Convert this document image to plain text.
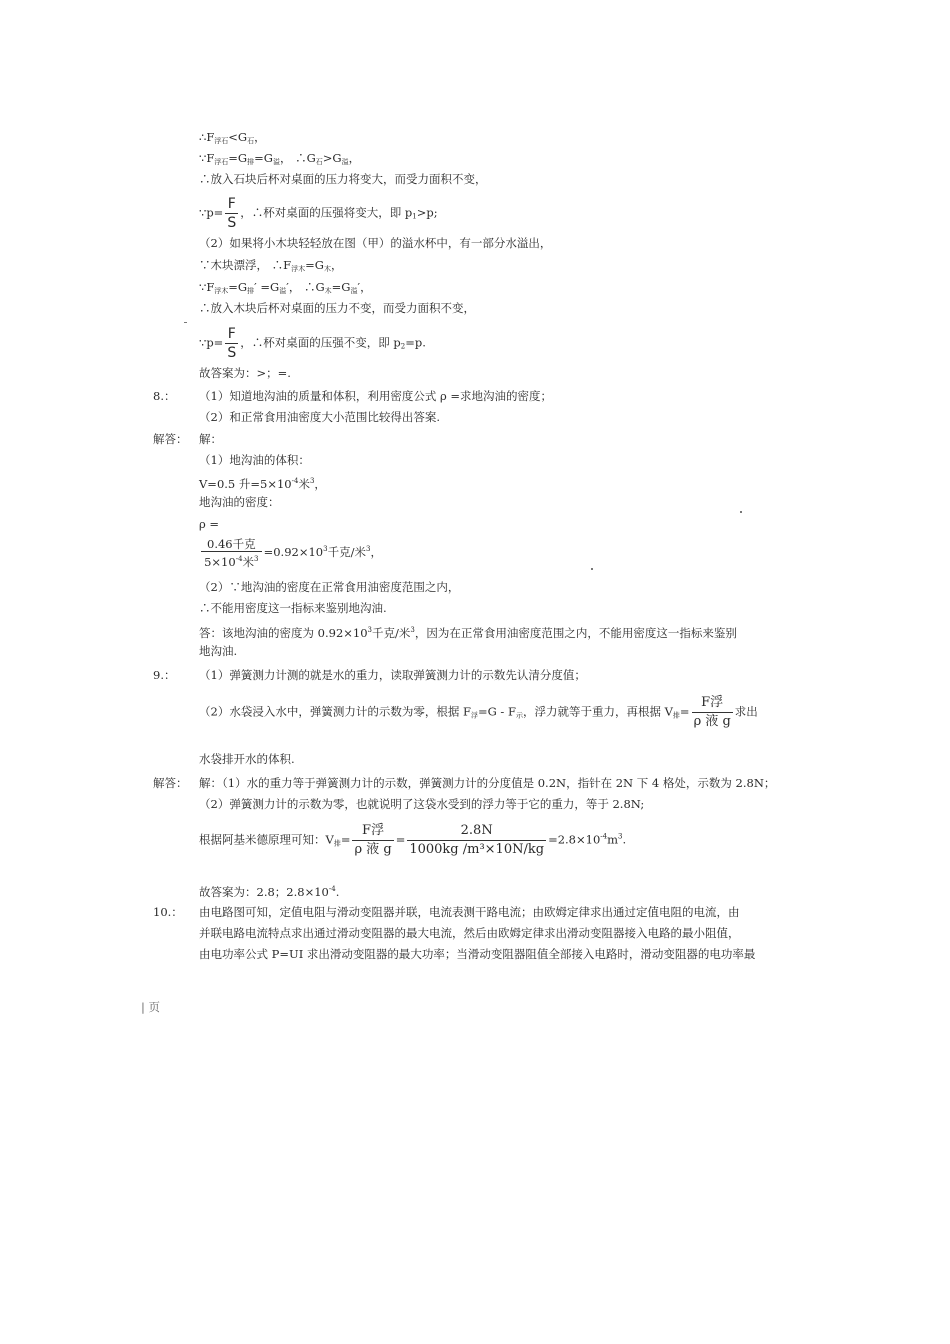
$\therefore F_{浮石}<G_石$，
$\because F_{浮石}=G_排=G_溢$， $\therefore G_石>G_溢$，
∴放入石块后杯对桌面的压力将变大，而受力面积不变，
∵p= $\frac{F}{S}$ ，∴杯对桌面的压强将变大，即 $p_1>p$;
（2）如果将小木块轻轻放在图（甲）的溢水杯中，有一部分水溢出，
∵木块漂浮， $\therefore F_{浮木}=G_木$，
$\because F_{浮木}=G_排' =G_溢'$， $\therefore G_木=G_溢'$，
∴放入木块后杯对桌面的压力不变，而受力面积不变，
∵p= $\frac{F}{S}$ ，∴杯对桌面的压强不变，即 $p_2=p$.
故答案为：>；=.
8.： （1）知道地沟油的质量和体积，利用密度公式 ρ =求地沟油的密度；
（2）和正常食用油密度大小范围比较得出答案.
解答： 解：
（1）地沟油的体积：
V=0.5 升$=5\times 10^{-4}$米$^3$，
地沟油的密度：
ρ =
$\frac{\text{0.46千克}}{5\times 10^{-4}米^3} =0.92\times 10^3$千克/米$^3$，
（2）∵地沟油的密度在正常食用油密度范围之内，
∴不能用密度这一指标来鉴别地沟油.
答：该地沟油的密度为 $0.92\times 10^3$千克/米$^3$，因为在正常食用油密度范围之内，不能用密度这一指标来鉴别
地沟油.
9.： （1）弹簧测力计测的就是水的重力，读取弹簧测力计的示数先认清分度值；
（2）水袋浸入水中，弹簧测力计的示数为零，根据 $F_浮=G - F_示$，浮力就等于重力，再根据 $V_排= \frac{\text{F浮}}{\text{ρ 液 g}}$ 求出
水袋排开水的体积.
解答： 解：（1）水的重力等于弹簧测力计的示数，弹簧测力计的分度值是 0.2N，指针在 2N 下 4 格处，示数为 2.8N；
（2）弹簧测力计的示数为零，也就说明了这袋水受到的浮力等于它的重力，等于 2.8N;
根据阿基米德原理可知：$V_排= \frac{\text{F浮}}{\text{ρ 液 g}} = \frac{2.8N}{\text{1000kg /m³×10N/kg}} =2.8\times 10^{-4}m^3$.
故答案为：2.8；$2.8\times 10^{-4}$.
10.： 由电路图可知，定值电阻与滑动变阻器并联，电流表测干路电流；由欧姆定律求出通过定值电阻的电流，由
并联电路电流特点求出通过滑动变阻器的最大电流，然后由欧姆定律求出滑动变阻器接入电路的最小阻值，
由电功率公式 P=UI 求出滑动变阻器的最大功率；当滑动变阻器阻值全部接入电路时，滑动变阻器的电功率最
| 页
